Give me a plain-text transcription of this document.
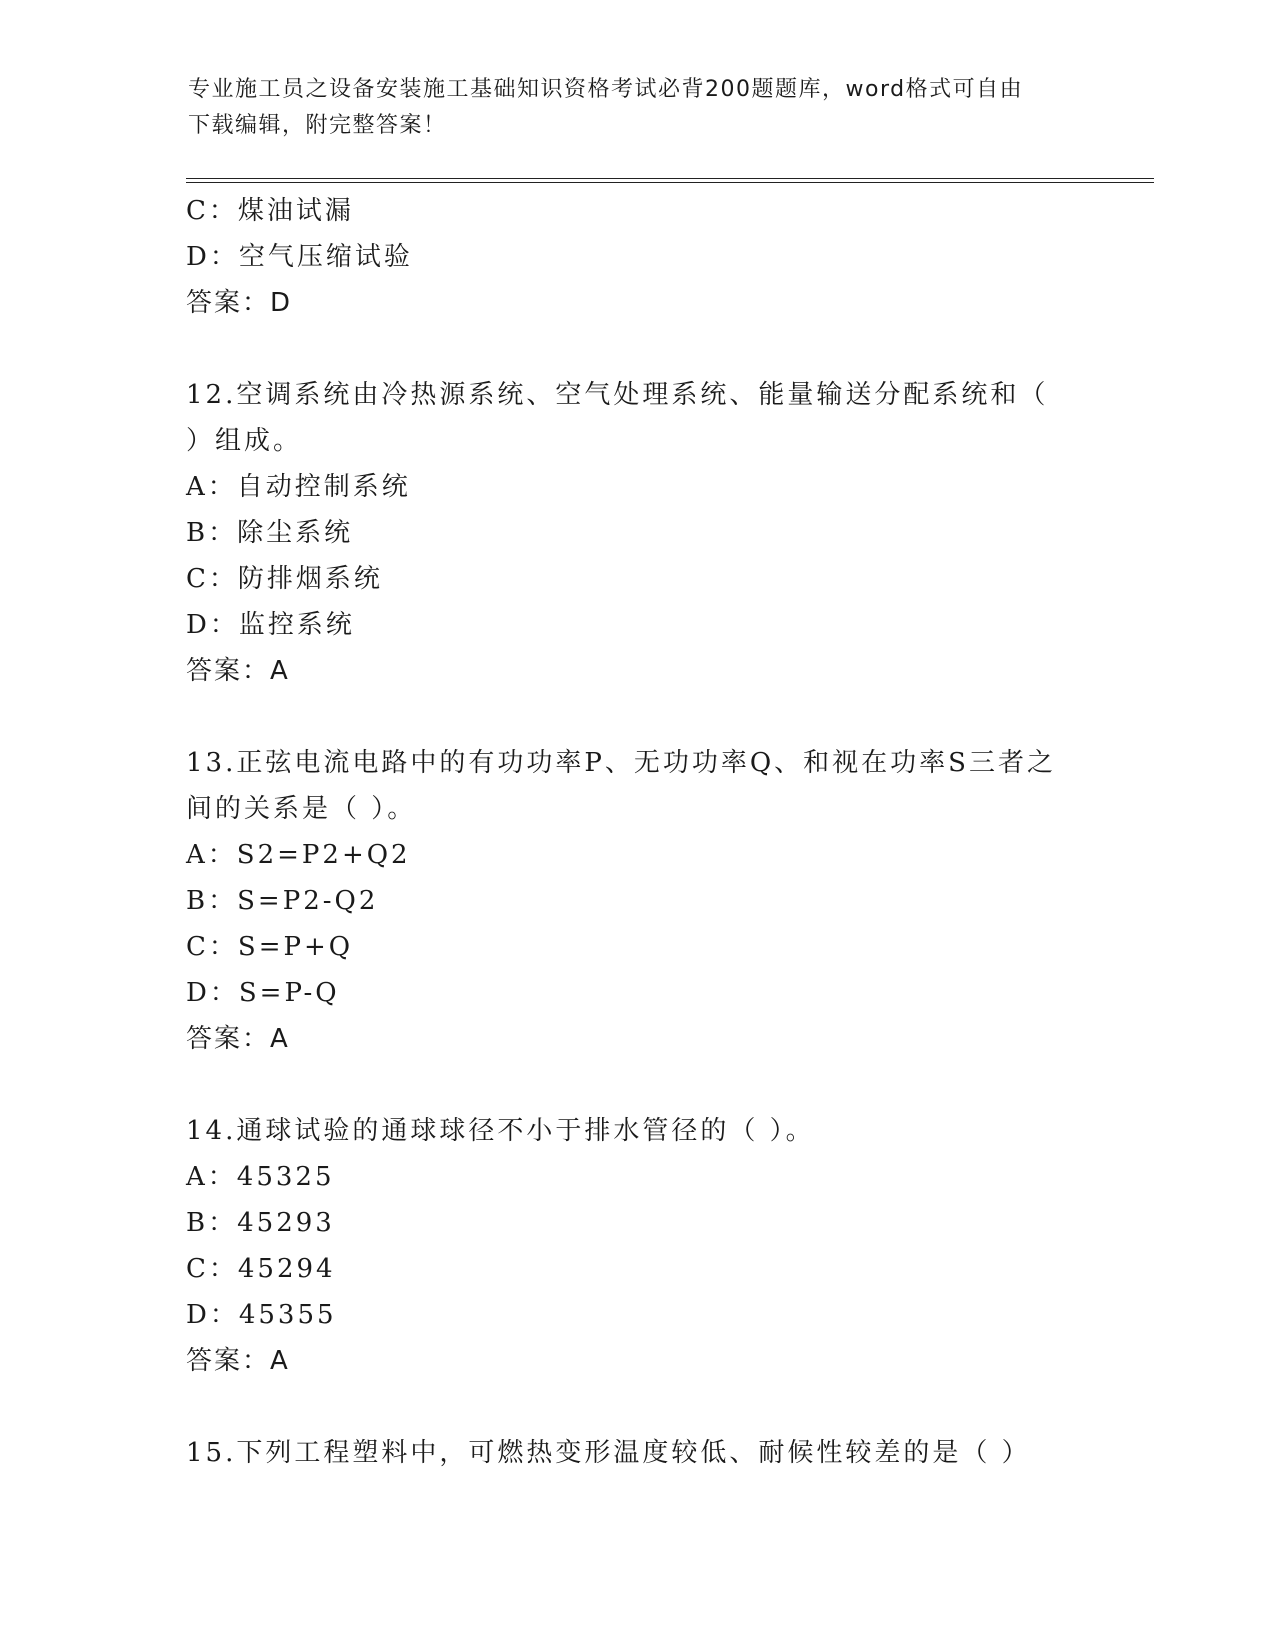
专业施工员之设备安装施工基础知识资格考试必背200题题库，word格式可自由
下载编辑，附完整答案！
C：煤油试漏
D：空气压缩试验
答案：D
12.空调系统由冷热源系统、空气处理系统、能量输送分配系统和（
）组成。
A：自动控制系统
B：除尘系统
C：防排烟系统
D：监控系统
答案：A
13.正弦电流电路中的有功功率P、无功功率Q、和视在功率S三者之
间的关系是（ ）。
A：S2=P2+Q2
B：S=P2-Q2
C：S=P+Q
D：S=P-Q
答案：A
14.通球试验的通球球径不小于排水管径的（ ）。
A：45325
B：45293
C：45294
D：45355
答案：A
15.下列工程塑料中，可燃热变形温度较低、耐候性较差的是（ ）
